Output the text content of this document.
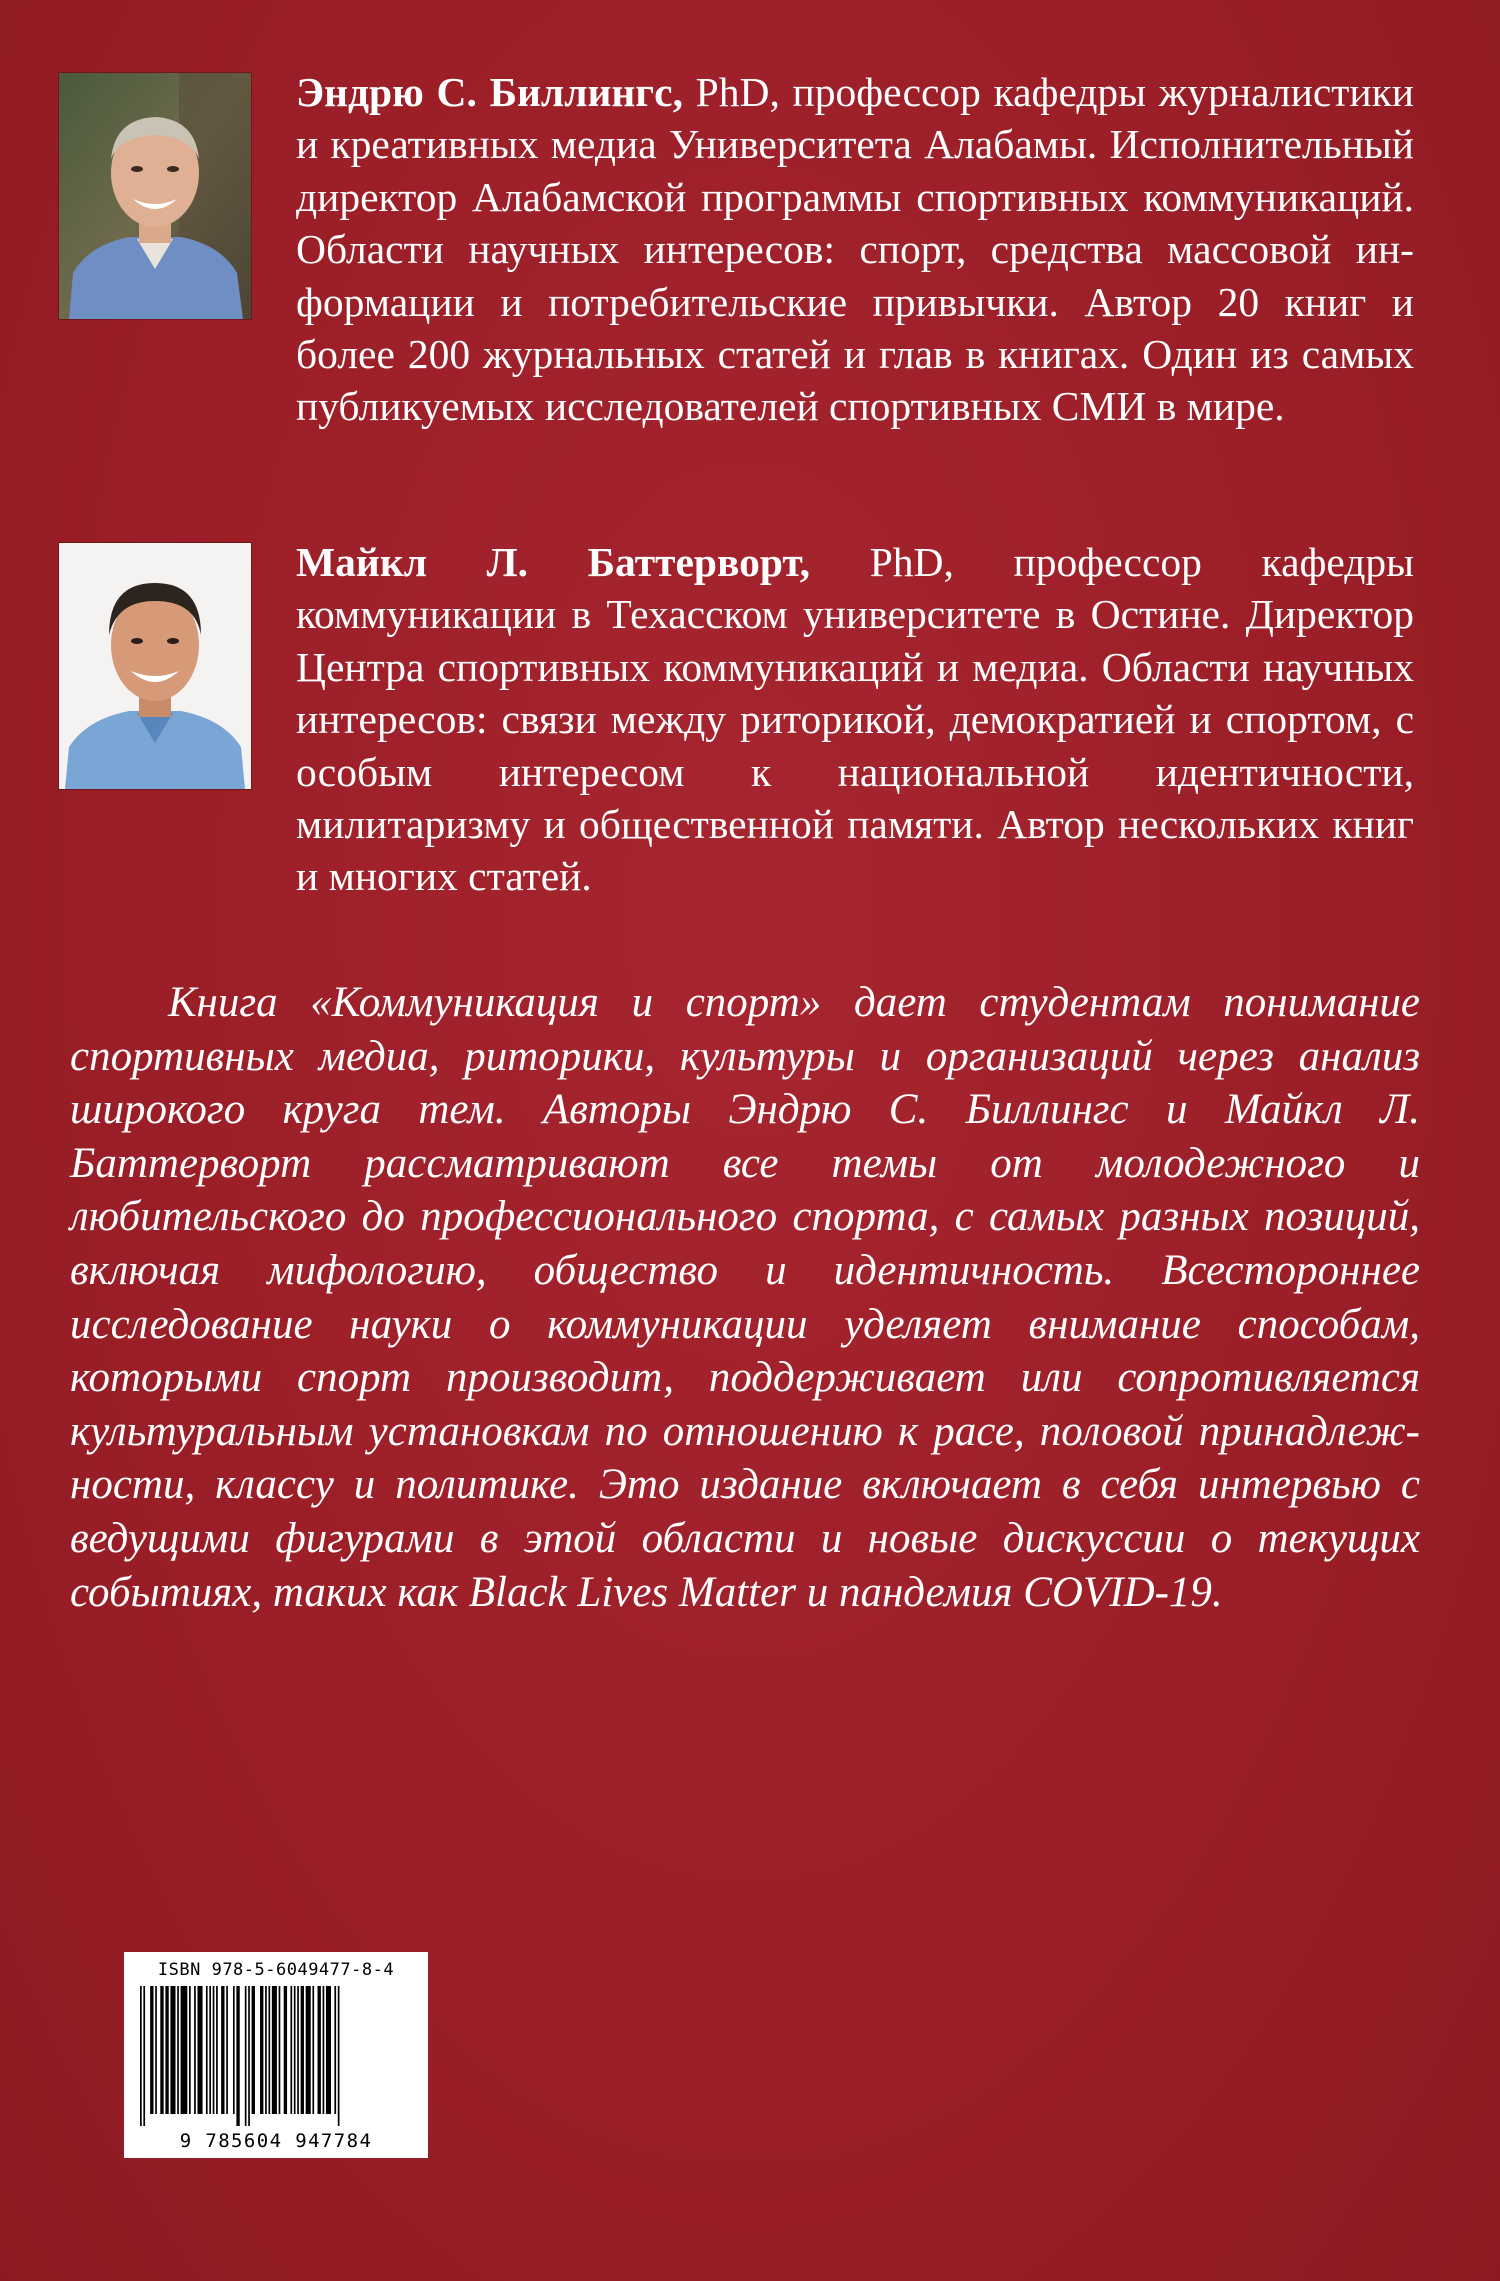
Эндрю С. Биллингс, PhD, профессор кафедры журналистики и креативных медиа Университета Алабамы. Исполнительный директор Алабамской программы спортивных коммуникаций. Области научных интересов: спорт, средства массовой информации и потребительские привычки. Автор 20 книг и более 200 журнальных статей и глав в книгах. Один из самых публикуемых исследователей спортивных СМИ в мире.

Майкл Л. Баттерворт, PhD, профессор кафедры коммуникации в Техасском университете в Остине. Директор Центра спортивных коммуникаций и медиа. Области научных интересов: связи между риторикой, демократией и спортом, с особым интересом к национальной идентичности, милитаризму и общественной памяти. Автор нескольких книг и многих статей.

Книга «Коммуникация и спорт» дает студентам понимание спортивных медиа, риторики, культуры и организаций через анализ широкого круга тем. Авторы Эндрю С. Биллингс и Майкл Л. Баттерворт рассматривают все темы от молодежного и любительского до профессионального спорта, с самых разных позиций, включая мифологию, общество и идентичность. Всестороннее исследование науки о коммуникации уделяет внимание способам, которыми спорт производит, поддерживает или сопротивляется культуральным установкам по отношению к расе, половой принадлежности, классу и политике. Это издание включает в себя интервью с ведущими фигурами в этой области и новые дискуссии о текущих событиях, таких как Black Lives Matter и пандемия COVID-19.

ISBN 978-5-6049477-8-4
9 785604 947784
